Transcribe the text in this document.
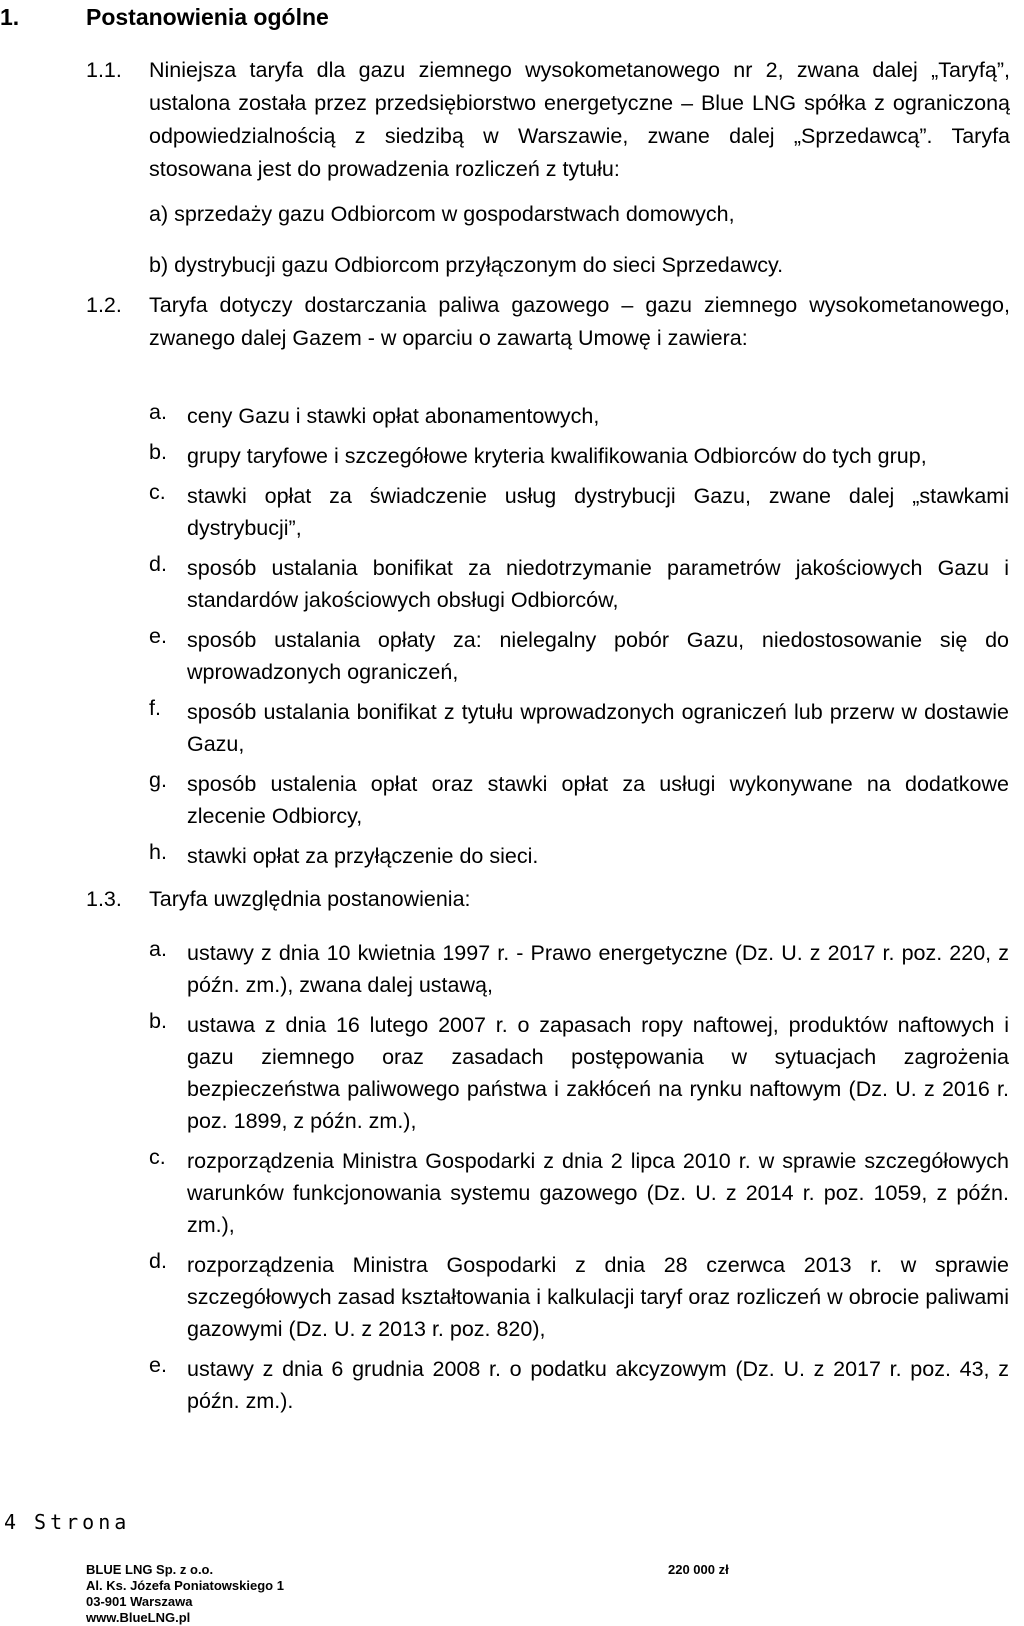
1.	Postanowienia ogólne
1.1.	Niniejsza taryfa dla gazu ziemnego wysokometanowego nr 2, zwana dalej „Taryfą”, ustalona została przez przedsiębiorstwo energetyczne – Blue LNG spółka z ograniczoną odpowiedzialnością z siedzibą w Warszawie, zwane dalej „Sprzedawcą”. Taryfa stosowana jest do prowadzenia rozliczeń z tytułu:
a) sprzedaży gazu Odbiorcom w gospodarstwach domowych,
b) dystrybucji gazu Odbiorcom przyłączonym do sieci Sprzedawcy.
1.2.	Taryfa dotyczy dostarczania paliwa gazowego – gazu ziemnego wysokometanowego, zwanego dalej Gazem - w oparciu o zawartą Umowę i zawiera:
a. ceny Gazu i stawki opłat abonamentowych,
b. grupy taryfowe i szczegółowe kryteria kwalifikowania Odbiorców do tych grup,
c. stawki opłat za świadczenie usług dystrybucji Gazu, zwane dalej „stawkami dystrybucji”,
d. sposób ustalania bonifikat za niedotrzymanie parametrów jakościowych Gazu i standardów jakościowych obsługi Odbiorców,
e. sposób ustalania opłaty za: nielegalny pobór Gazu, niedostosowanie się do wprowadzonych ograniczeń,
f.	sposób ustalania bonifikat z tytułu wprowadzonych ograniczeń lub przerw w dostawie Gazu,
g. sposób ustalenia opłat oraz stawki opłat za usługi wykonywane na dodatkowe zlecenie Odbiorcy,
h. stawki opłat za przyłączenie do sieci.
1.3.	Taryfa uwzględnia postanowienia:
a. ustawy z dnia 10 kwietnia 1997 r. - Prawo energetyczne (Dz. U. z 2017 r. poz. 220, z późn. zm.), zwana dalej ustawą,
b. ustawa z dnia 16 lutego 2007 r. o zapasach ropy naftowej, produktów naftowych i gazu ziemnego oraz zasadach postępowania w sytuacjach zagrożenia bezpieczeństwa paliwowego państwa i zakłóceń na rynku naftowym (Dz. U. z 2016 r. poz. 1899, z późn. zm.),
c. rozporządzenia Ministra Gospodarki z dnia 2 lipca 2010 r. w sprawie szczegółowych warunków funkcjonowania systemu gazowego (Dz. U. z 2014 r. poz. 1059, z późn. zm.),
d. rozporządzenia Ministra Gospodarki z dnia 28 czerwca 2013 r. w sprawie szczegółowych zasad kształtowania i kalkulacji taryf oraz rozliczeń w obrocie paliwami gazowymi (Dz. U. z 2013 r. poz. 820),
e. ustawy z dnia 6 grudnia 2008 r. o podatku akcyzowym (Dz. U. z 2017 r. poz. 43, z późn. zm.).
4 Strona
BLUE LNG Sp. z o.o.
Al. Ks. Józefa Poniatowskiego 1
03-901 Warszawa
www.BlueLNG.pl
220 000 zł
